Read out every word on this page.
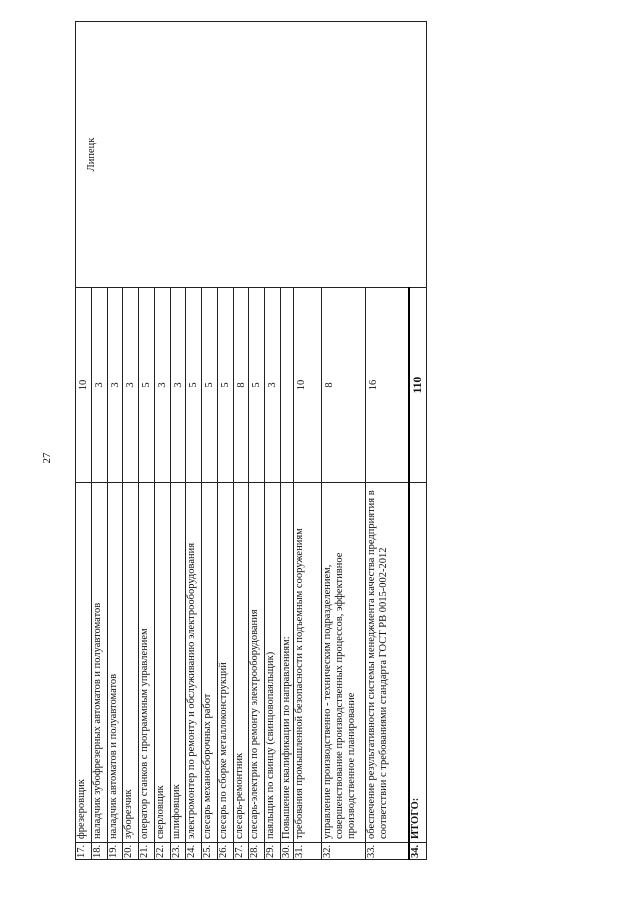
27
17.	фрезеровщик	10	Липецк

18.	наладчик зубофрезерных автоматов и полуавтоматов	3	
19.	наладчик автоматов и полуавтоматов	3	
20.	зуборезчик	3	
21.	оператор станков с программным управлением	5	
22.	сверловщик	3	
23.	шлифовщик	3	
24.	электромонтер по ремонту и обслуживанию электрооборудования	5	
25.	слесарь механосборочных работ	5	
26.	слесарь по сборке металлоконструкций	5	
27.	слесарь-ремонтник	8	
28.	слесарь-электрик по ремонту электрооборудования	5	
29.	паяльщик по свинцу (свинцовопаяльщик)	3	
30.	Повышение квалификации по направлениям:		
31.	требования промышленной безопасности к подъемным сооружениям	10	
32.	управление производственно - техническим подразделением, совершенствование производственных процессов, эффективное производственное планирование	8	
33.	обеспечение результативности системы менеджмента качества предприятия в соответствии с требованиями стандарта ГОСТ РВ 0015-002-2012	16	
34.	ИТОГО:	110	
